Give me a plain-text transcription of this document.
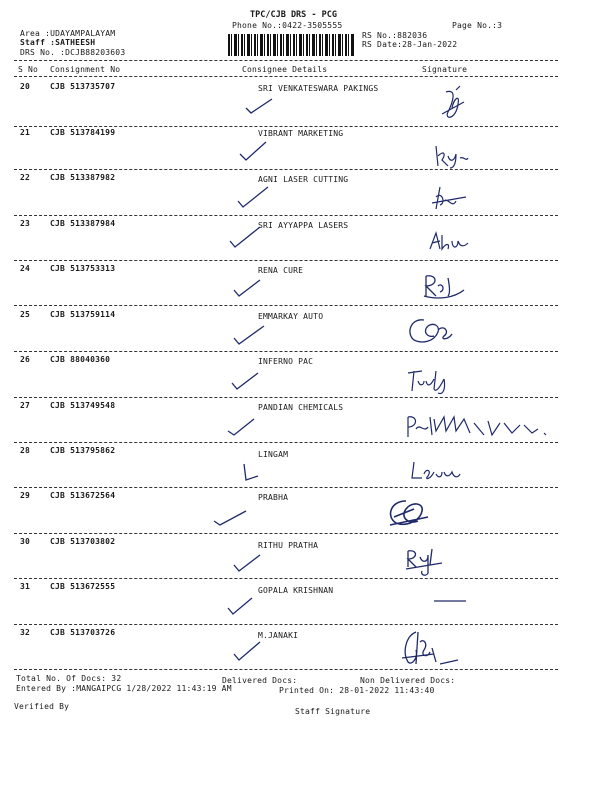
TPC/CJB DRS - PCG
Phone No.:0422-3505555	Page No.:3
Area :UDAYAMPALAYAM
Staff :SATHEESH
DRS No. :DCJB88203603
RS No.:882036
RS Date:28-Jan-2022
S No Consignment No	Consignee Details	Signature
20 CJB 513735707	SRI VENKATESWARA PAKINGS
21 CJB 513784199	VIBRANT MARKETING
22 CJB 513387982	AGNI LASER CUTTING
23 CJB 513387984	SRI AYYAPPA LASERS
24 CJB 513753313	RENA CURE
25 CJB 513759114	EMMARKAY AUTO
26 CJB 88040360	INFERNO PAC
27 CJB 513749548	PANDIAN CHEMICALS
28 CJB 513795862	LINGAM
29 CJB 513672564	PRABHA
30 CJB 513703802	RITHU PRATHA
31 CJB 513672555	GOPALA KRISHNAN
32 CJB 513703726	M.JANAKI
Total No. Of Docs: 32	Delivered Docs:	Non Delivered Docs:
Entered By :MANGAIPCG 1/28/2022 11:43:19 AM	Printed On: 28-01-2022 11:43:40
Verified By
Staff Signature
